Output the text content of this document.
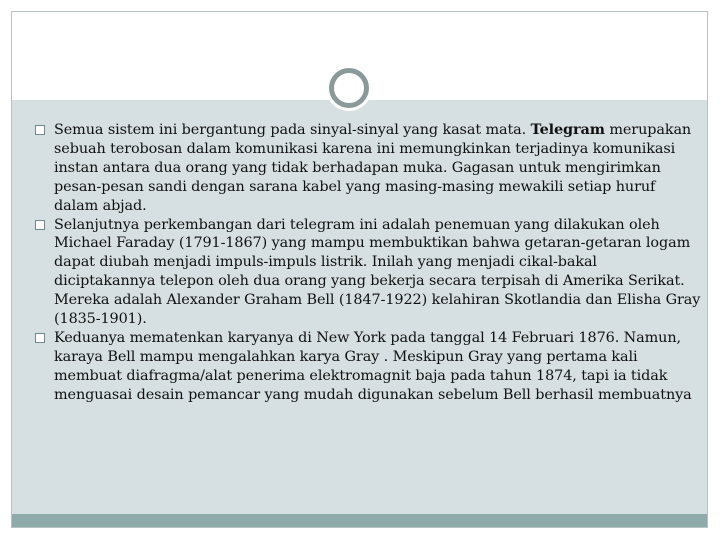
Semua sistem ini bergantung pada sinyal-sinyal yang kasat mata. Telegram merupakan sebuah terobosan dalam komunikasi karena ini memungkinkan terjadinya komunikasi instan antara dua orang yang tidak berhadapan muka. Gagasan untuk mengirimkan pesan-pesan sandi dengan sarana kabel yang masing-masing mewakili setiap huruf dalam abjad.

Selanjutnya perkembangan dari telegram ini adalah penemuan yang dilakukan oleh Michael Faraday (1791-1867) yang mampu membuktikan bahwa getaran-getaran logam dapat diubah menjadi impuls-impuls listrik. Inilah yang menjadi cikal-bakal diciptakannya telepon oleh dua orang yang bekerja secara terpisah di Amerika Serikat. Mereka adalah Alexander Graham Bell (1847-1922) kelahiran Skotlandia dan Elisha Gray (1835-1901).

Keduanya mematenkan karyanya di New York pada tanggal 14 Februari 1876. Namun, karaya Bell mampu mengalahkan karya Gray . Meskipun Gray yang pertama kali membuat diafragma/alat penerima elektromagnit baja pada tahun 1874, tapi ia tidak menguasai desain pemancar yang mudah digunakan sebelum Bell berhasil membuatnya
